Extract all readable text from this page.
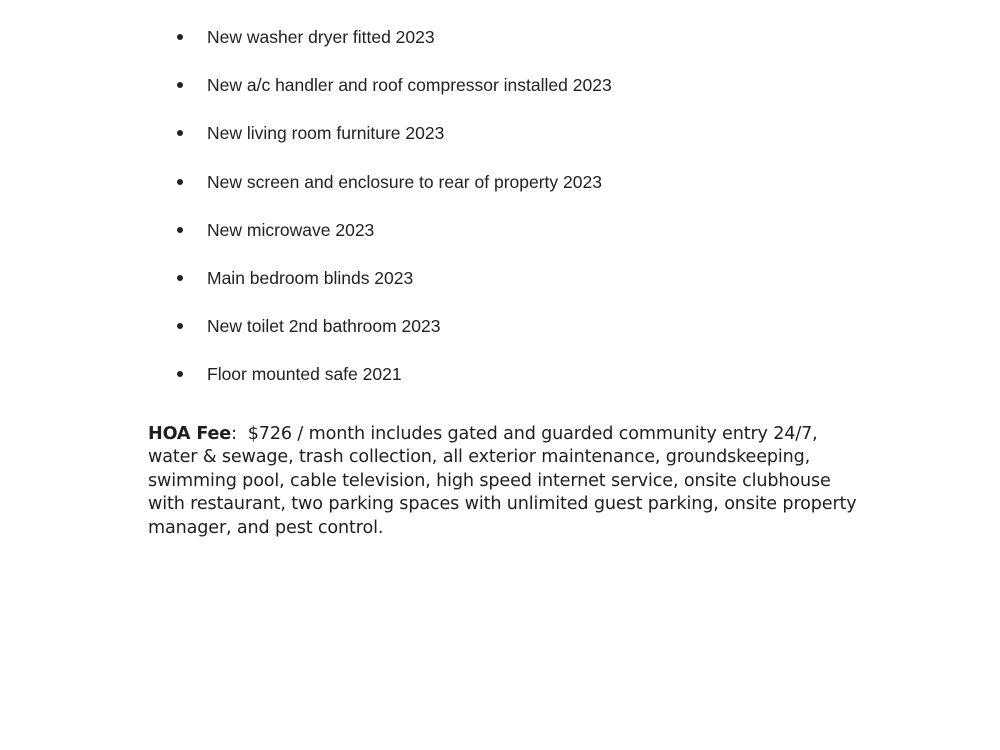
New washer dryer fitted 2023
New a/c handler and roof compressor installed 2023
New living room furniture 2023
New screen and enclosure to rear of property 2023
New microwave 2023
Main bedroom blinds 2023
New toilet 2nd bathroom 2023
Floor mounted safe 2021

HOA Fee:  $726 / month includes gated and guarded community entry 24/7,
water & sewage, trash collection, all exterior maintenance, groundskeeping,
swimming pool, cable television, high speed internet service, onsite clubhouse
with restaurant, two parking spaces with unlimited guest parking, onsite property
manager, and pest control.
